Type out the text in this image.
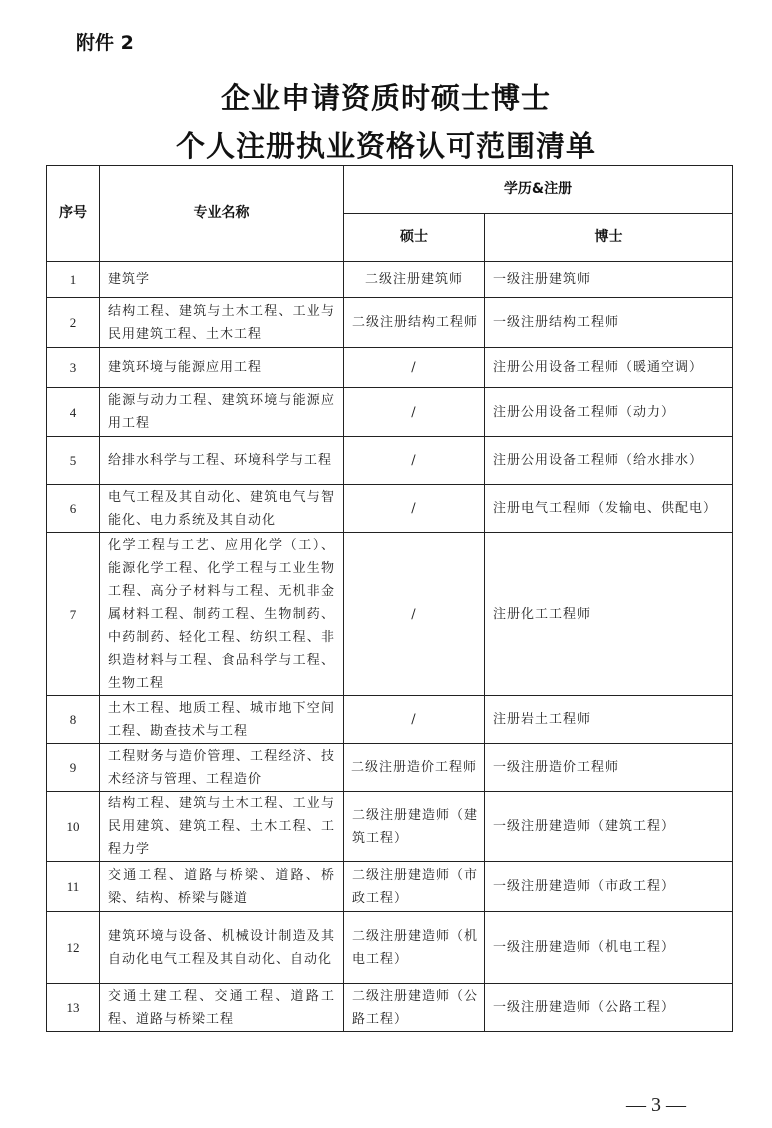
附件 2
企业申请资质时硕士博士
个人注册执业资格认可范围清单
序号	专业名称	学历&注册	
		硕士	博士
1	建筑学	二级注册建筑师	一级注册建筑师
2	结构工程、建筑与土木工程、工业与民用建筑工程、土木工程	二级注册结构工程师	一级注册结构工程师
3	建筑环境与能源应用工程	/	注册公用设备工程师（暖通空调）
4	能源与动力工程、建筑环境与能源应用工程	/	注册公用设备工程师（动力）
5	给排水科学与工程、环境科学与工程	/	注册公用设备工程师（给水排水）
6	电气工程及其自动化、建筑电气与智能化、电力系统及其自动化	/	注册电气工程师（发输电、供配电）
7	化学工程与工艺、应用化学（工）、能源化学工程、化学工程与工业生物工程、高分子材料与工程、无机非金属材料工程、制药工程、生物制药、中药制药、轻化工程、纺织工程、非织造材料与工程、食品科学与工程、生物工程	/	注册化工工程师
8	土木工程、地质工程、城市地下空间工程、勘查技术与工程	/	注册岩土工程师
9	工程财务与造价管理、工程经济、技术经济与管理、工程造价	二级注册造价工程师	一级注册造价工程师
10	结构工程、建筑与土木工程、工业与民用建筑、建筑工程、土木工程、工程力学	二级注册建造师（建筑工程）	一级注册建造师（建筑工程）
11	交通工程、道路与桥梁、道路、桥梁、结构、桥梁与隧道	二级注册建造师（市政工程）	一级注册建造师（市政工程）
12	建筑环境与设备、机械设计制造及其自动化电气工程及其自动化、自动化	二级注册建造师（机电工程）	一级注册建造师（机电工程）
13	交通土建工程、交通工程、道路工程、道路与桥梁工程	二级注册建造师（公路工程）	一级注册建造师（公路工程）
— 3 —
